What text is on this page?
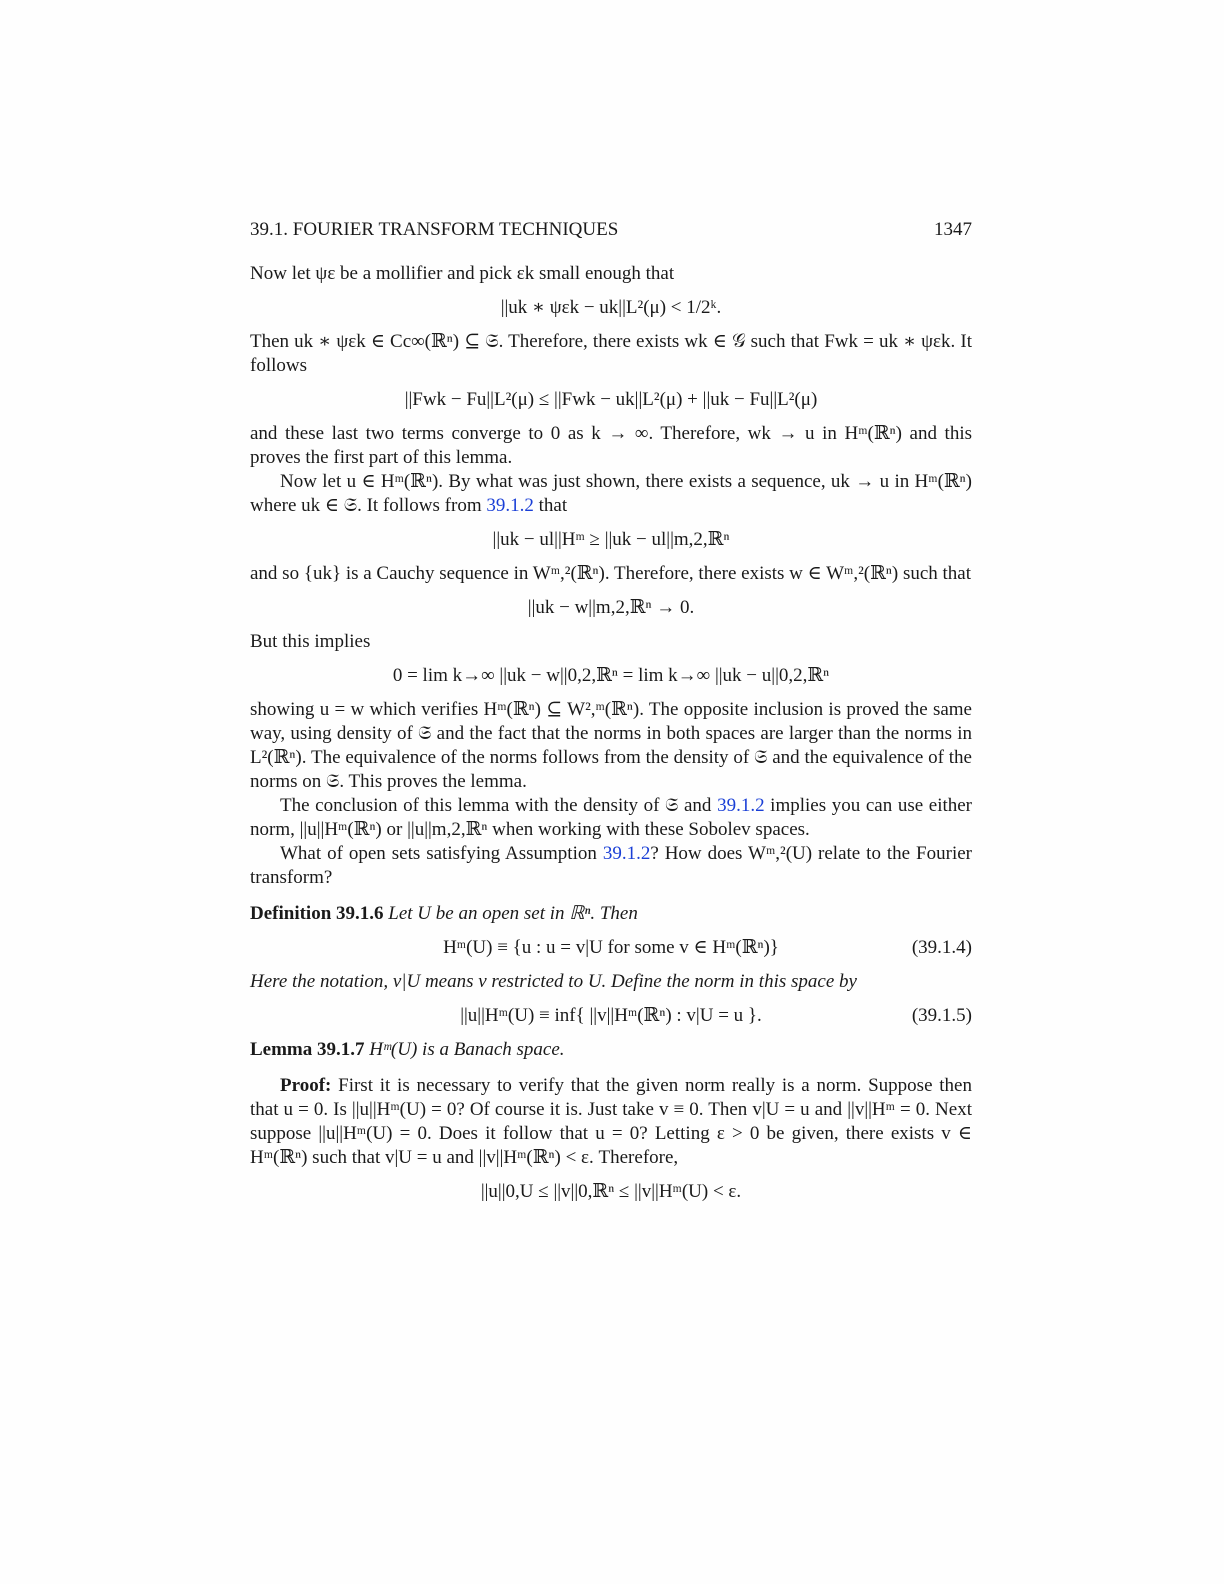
39.1. FOURIER TRANSFORM TECHNIQUES	1347

Now let ψε be a mollifier and pick εk small enough that

||uk ∗ ψεk − uk||L²(μ) < 1/2ᵏ.

Then uk ∗ ψεk ∈ Cc∞(ℝⁿ) ⊆ 𝔖. Therefore, there exists wk ∈ 𝒢 such that Fwk = uk ∗ ψεk. It follows

||Fwk − Fu||L²(μ) ≤ ||Fwk − uk||L²(μ) + ||uk − Fu||L²(μ)

and these last two terms converge to 0 as k → ∞. Therefore, wk → u in Hᵐ(ℝⁿ) and this proves the first part of this lemma.

Now let u ∈ Hᵐ(ℝⁿ). By what was just shown, there exists a sequence, uk → u in Hᵐ(ℝⁿ) where uk ∈ 𝔖. It follows from 39.1.2 that

||uk − ul||Hᵐ ≥ ||uk − ul||m,2,ℝⁿ

and so {uk} is a Cauchy sequence in Wᵐ,²(ℝⁿ). Therefore, there exists w ∈ Wᵐ,²(ℝⁿ) such that

||uk − w||m,2,ℝⁿ → 0.

But this implies

0 = lim k→∞ ||uk − w||0,2,ℝⁿ = lim k→∞ ||uk − u||0,2,ℝⁿ

showing u = w which verifies Hᵐ(ℝⁿ) ⊆ W²,ᵐ(ℝⁿ). The opposite inclusion is proved the same way, using density of 𝔖 and the fact that the norms in both spaces are larger than the norms in L²(ℝⁿ). The equivalence of the norms follows from the density of 𝔖 and the equivalence of the norms on 𝔖. This proves the lemma.

The conclusion of this lemma with the density of 𝔖 and 39.1.2 implies you can use either norm, ||u||Hᵐ(ℝⁿ) or ||u||m,2,ℝⁿ when working with these Sobolev spaces.

What of open sets satisfying Assumption 39.1.2? How does Wᵐ,²(U) relate to the Fourier transform?

Definition 39.1.6 Let U be an open set in ℝⁿ. Then

Hᵐ(U) ≡ {u : u = v|U for some v ∈ Hᵐ(ℝⁿ)}	(39.1.4)

Here the notation, v|U means v restricted to U. Define the norm in this space by

||u||Hᵐ(U) ≡ inf{ ||v||Hᵐ(ℝⁿ) : v|U = u }.	(39.1.5)

Lemma 39.1.7 Hᵐ(U) is a Banach space.

Proof: First it is necessary to verify that the given norm really is a norm. Suppose then that u = 0. Is ||u||Hᵐ(U) = 0? Of course it is. Just take v ≡ 0. Then v|U = u and ||v||Hᵐ = 0. Next suppose ||u||Hᵐ(U) = 0. Does it follow that u = 0? Letting ε > 0 be given, there exists v ∈ Hᵐ(ℝⁿ) such that v|U = u and ||v||Hᵐ(ℝⁿ) < ε. Therefore,

||u||0,U ≤ ||v||0,ℝⁿ ≤ ||v||Hᵐ(U) < ε.
